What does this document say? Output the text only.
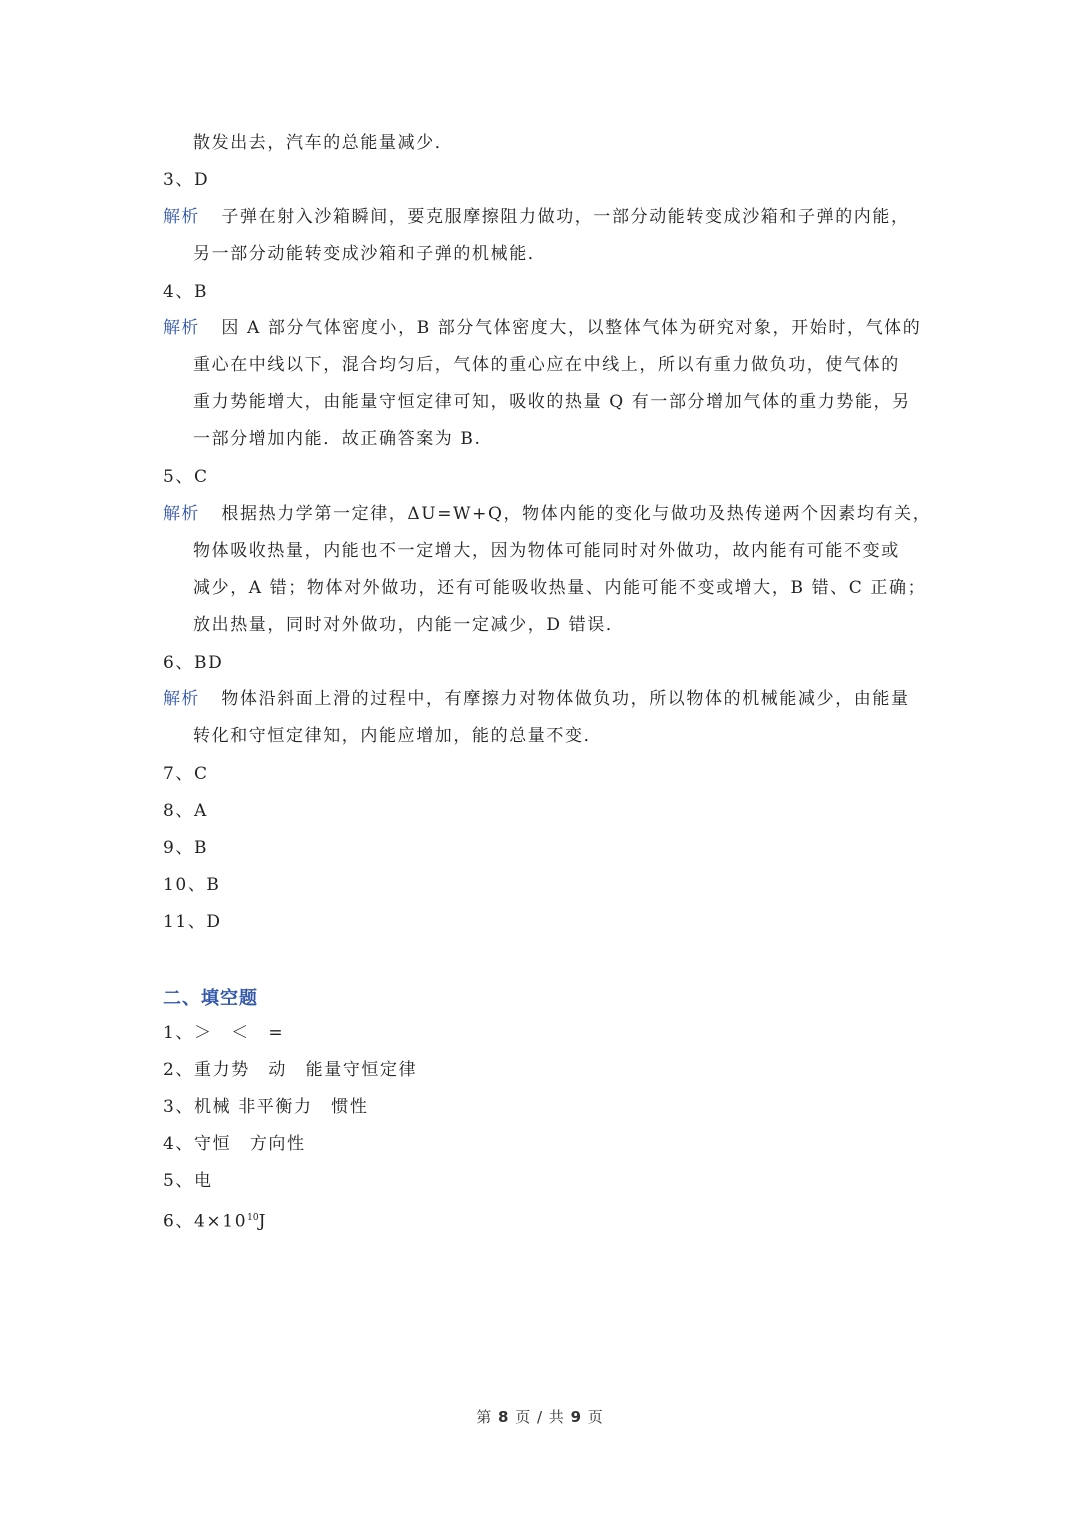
散发出去，汽车的总能量减少．
3、D
解析 子弹在射入沙箱瞬间，要克服摩擦阻力做功，一部分动能转变成沙箱和子弹的内能，
另一部分动能转变成沙箱和子弹的机械能．
4、B
解析 因 A 部分气体密度小，B 部分气体密度大，以整体气体为研究对象，开始时，气体的
重心在中线以下，混合均匀后，气体的重心应在中线上，所以有重力做负功，使气体的
重力势能增大，由能量守恒定律可知，吸收的热量 Q 有一部分增加气体的重力势能，另
一部分增加内能．故正确答案为 B.
5、C
解析 根据热力学第一定律，ΔU=W+Q，物体内能的变化与做功及热传递两个因素均有关，
物体吸收热量，内能也不一定增大，因为物体可能同时对外做功，故内能有可能不变或
减少，A 错；物体对外做功，还有可能吸收热量、内能可能不变或增大，B 错、C 正确；
放出热量，同时对外做功，内能一定减少，D 错误．
6、BD
解析 物体沿斜面上滑的过程中，有摩擦力对物体做负功，所以物体的机械能减少，由能量
转化和守恒定律知，内能应增加，能的总量不变．
7、C
8、A
9、B
10、B
11、D
二、填空题
1、＞　＜　=
2、重力势　动　能量守恒定律
3、机械 非平衡力　惯性
4、守恒　方向性
5、电
6、$4\times 10^{10}J$
第 8 页 / 共 9 页
